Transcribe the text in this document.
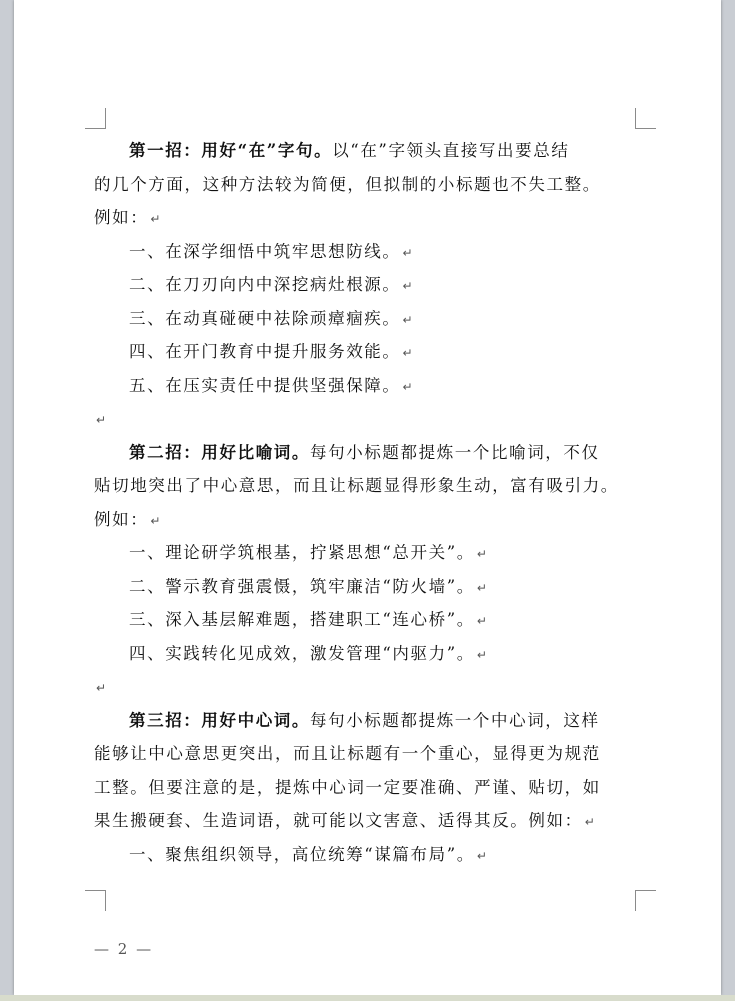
第一招：用好“在”字句。以“在”字领头直接写出要总结
的几个方面，这种方法较为简便，但拟制的小标题也不失工整。
例如： ↵
一、在深学细悟中筑牢思想防线。 ↵
二、在刀刃向内中深挖病灶根源。 ↵
三、在动真碰硬中祛除顽瘴痼疾。 ↵
四、在开门教育中提升服务效能。 ↵
五、在压实责任中提供坚强保障。 ↵
↵
第二招：用好比喻词。每句小标题都提炼一个比喻词，不仅
贴切地突出了中心意思，而且让标题显得形象生动，富有吸引力。
例如： ↵
一、理论研学筑根基，拧紧思想“总开关”。 ↵
二、警示教育强震慑，筑牢廉洁“防火墙”。 ↵
三、深入基层解难题，搭建职工“连心桥”。 ↵
四、实践转化见成效，激发管理“内驱力”。 ↵
↵
第三招：用好中心词。每句小标题都提炼一个中心词，这样
能够让中心意思更突出，而且让标题有一个重心，显得更为规范
工整。但要注意的是，提炼中心词一定要准确、严谨、贴切，如
果生搬硬套、生造词语，就可能以文害意、适得其反。例如： ↵
一、聚焦组织领导，高位统筹“谋篇布局”。 ↵
— 2 —
